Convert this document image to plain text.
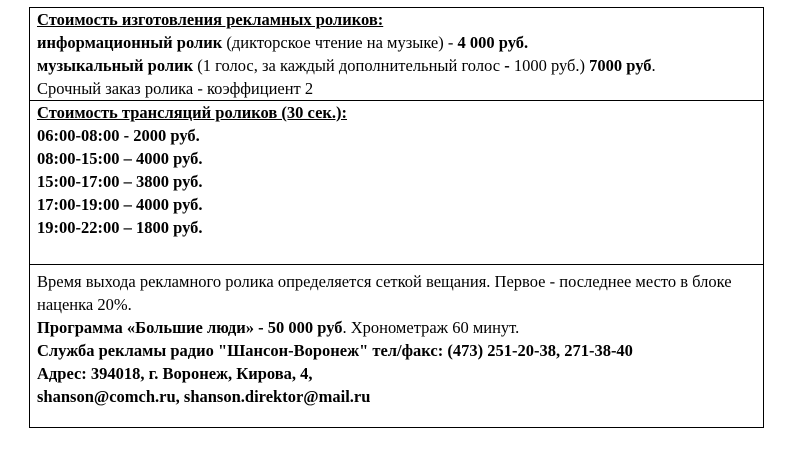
Стоимость изготовления рекламных роликов:
информационный ролик (дикторское чтение на музыке) - 4 000 руб.
музыкальный ролик (1 голос, за каждый дополнительный голос - 1000 руб.) 7000 руб.
Срочный заказ ролика - коэффициент 2
Стоимость трансляций роликов (30 сек.):
06:00-08:00 - 2000 руб.
08:00-15:00 – 4000 руб.
15:00-17:00 – 3800 руб.
17:00-19:00 – 4000 руб.
19:00-22:00 – 1800 руб.
Время выхода рекламного ролика определяется сеткой вещания. Первое - последнее место в блоке наценка 20%.
Программа «Большие люди» - 50 000 руб. Хронометраж 60 минут.
Служба рекламы радио "Шансон-Воронеж" тел/факс: (473) 251-20-38, 271-38-40
Адрес: 394018, г. Воронеж, Кирова, 4,
shanson@comch.ru, shanson.direktor@mail.ru
